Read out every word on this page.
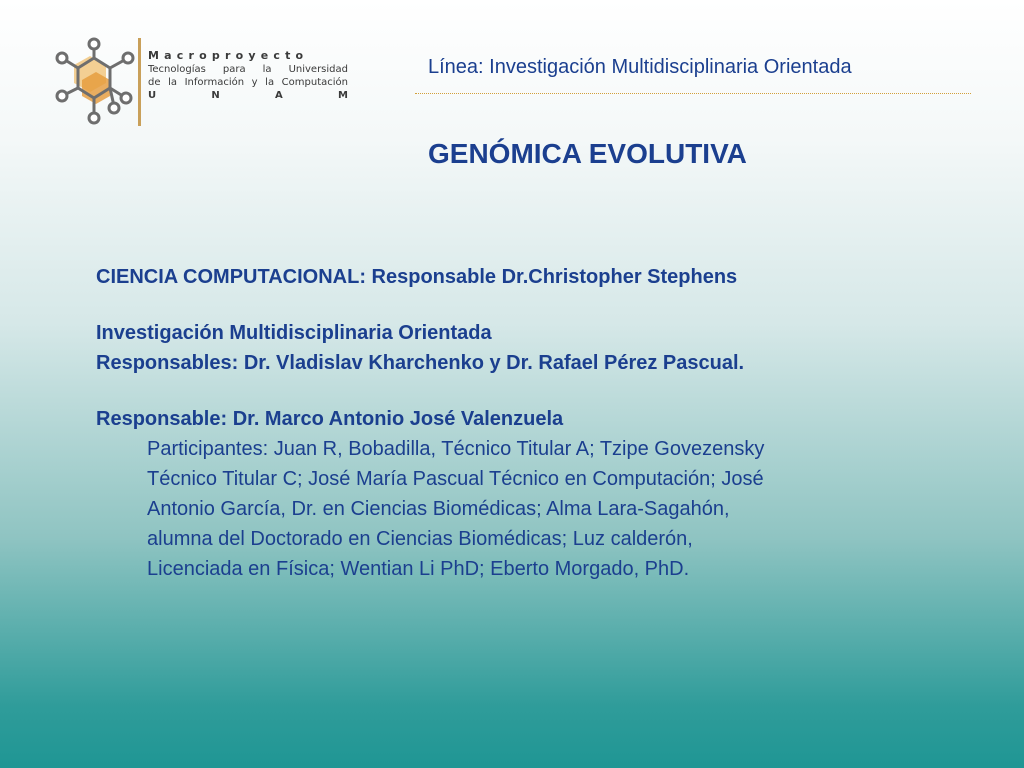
Macroproyecto
Tecnologías para la Universidad
de la Información y la Computación
U	N	A	M
Línea: Investigación Multidisciplinaria Orientada
GENÓMICA EVOLUTIVA
CIENCIA COMPUTACIONAL: Responsable Dr.Christopher Stephens
Investigación Multidisciplinaria Orientada
Responsables: Dr. Vladislav Kharchenko y Dr. Rafael Pérez Pascual.
Responsable: Dr. Marco Antonio José Valenzuela
Participantes: Juan R, Bobadilla, Técnico Titular A; Tzipe Govezensky
Técnico Titular C; José María Pascual Técnico en Computación; José
Antonio García, Dr. en Ciencias Biomédicas; Alma Lara-Sagahón,
alumna del Doctorado en Ciencias Biomédicas; Luz calderón,
Licenciada en Física; Wentian Li PhD; Eberto Morgado, PhD.
